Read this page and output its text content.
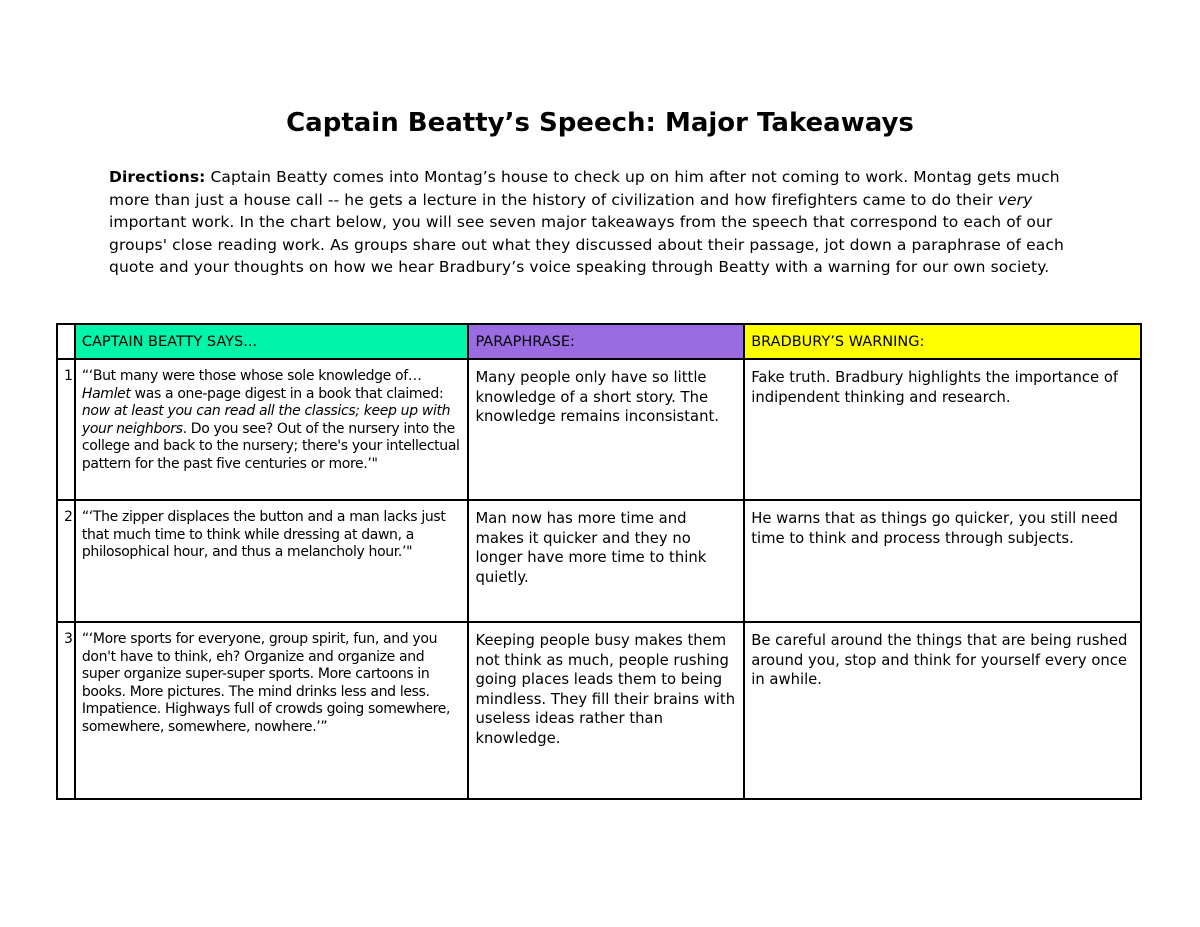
Captain Beatty’s Speech: Major Takeaways
Directions: Captain Beatty comes into Montag’s house to check up on him after not coming to work. Montag gets much more than just a house call -- he gets a lecture in the history of civilization and how firefighters came to do their very important work. In the chart below, you will see seven major takeaways from the speech that correspond to each of our groups' close reading work. As groups share out what they discussed about their passage, jot down a paraphrase of each quote and your thoughts on how we hear Bradbury’s voice speaking through Beatty with a warning for our own society.
	CAPTAIN BEATTY SAYS...	PARAPHRASE:	BRADBURY’S WARNING:
1	“‘But many were those whose sole knowledge of…Hamlet was a one-page digest in a book that claimed: now at least you can read all the classics; keep up with your neighbors. Do you see? Out of the nursery into the college and back to the nursery; there's your intellectual pattern for the past five centuries or more.’"	Many people only have so little knowledge of a short story. The knowledge remains inconsistant.	Fake truth. Bradbury highlights the importance of indipendent thinking and research.
2	“‘The zipper displaces the button and a man lacks just that much time to think while dressing at dawn, a philosophical hour, and thus a melancholy hour.’"	Man now has more time and makes it quicker and they no longer have more time to think quietly.	He warns that as things go quicker, you still need time to think and process through subjects.
3	“‘More sports for everyone, group spirit, fun, and you don't have to think, eh? Organize and organize and super organize super-super sports. More cartoons in books. More pictures. The mind drinks less and less. Impatience. Highways full of crowds going somewhere, somewhere, somewhere, nowhere.’”	Keeping people busy makes them not think as much, people rushing going places leads them to being mindless. They fill their brains with useless ideas rather than knowledge.	Be careful around the things that are being rushed around you, stop and think for yourself every once in awhile.
